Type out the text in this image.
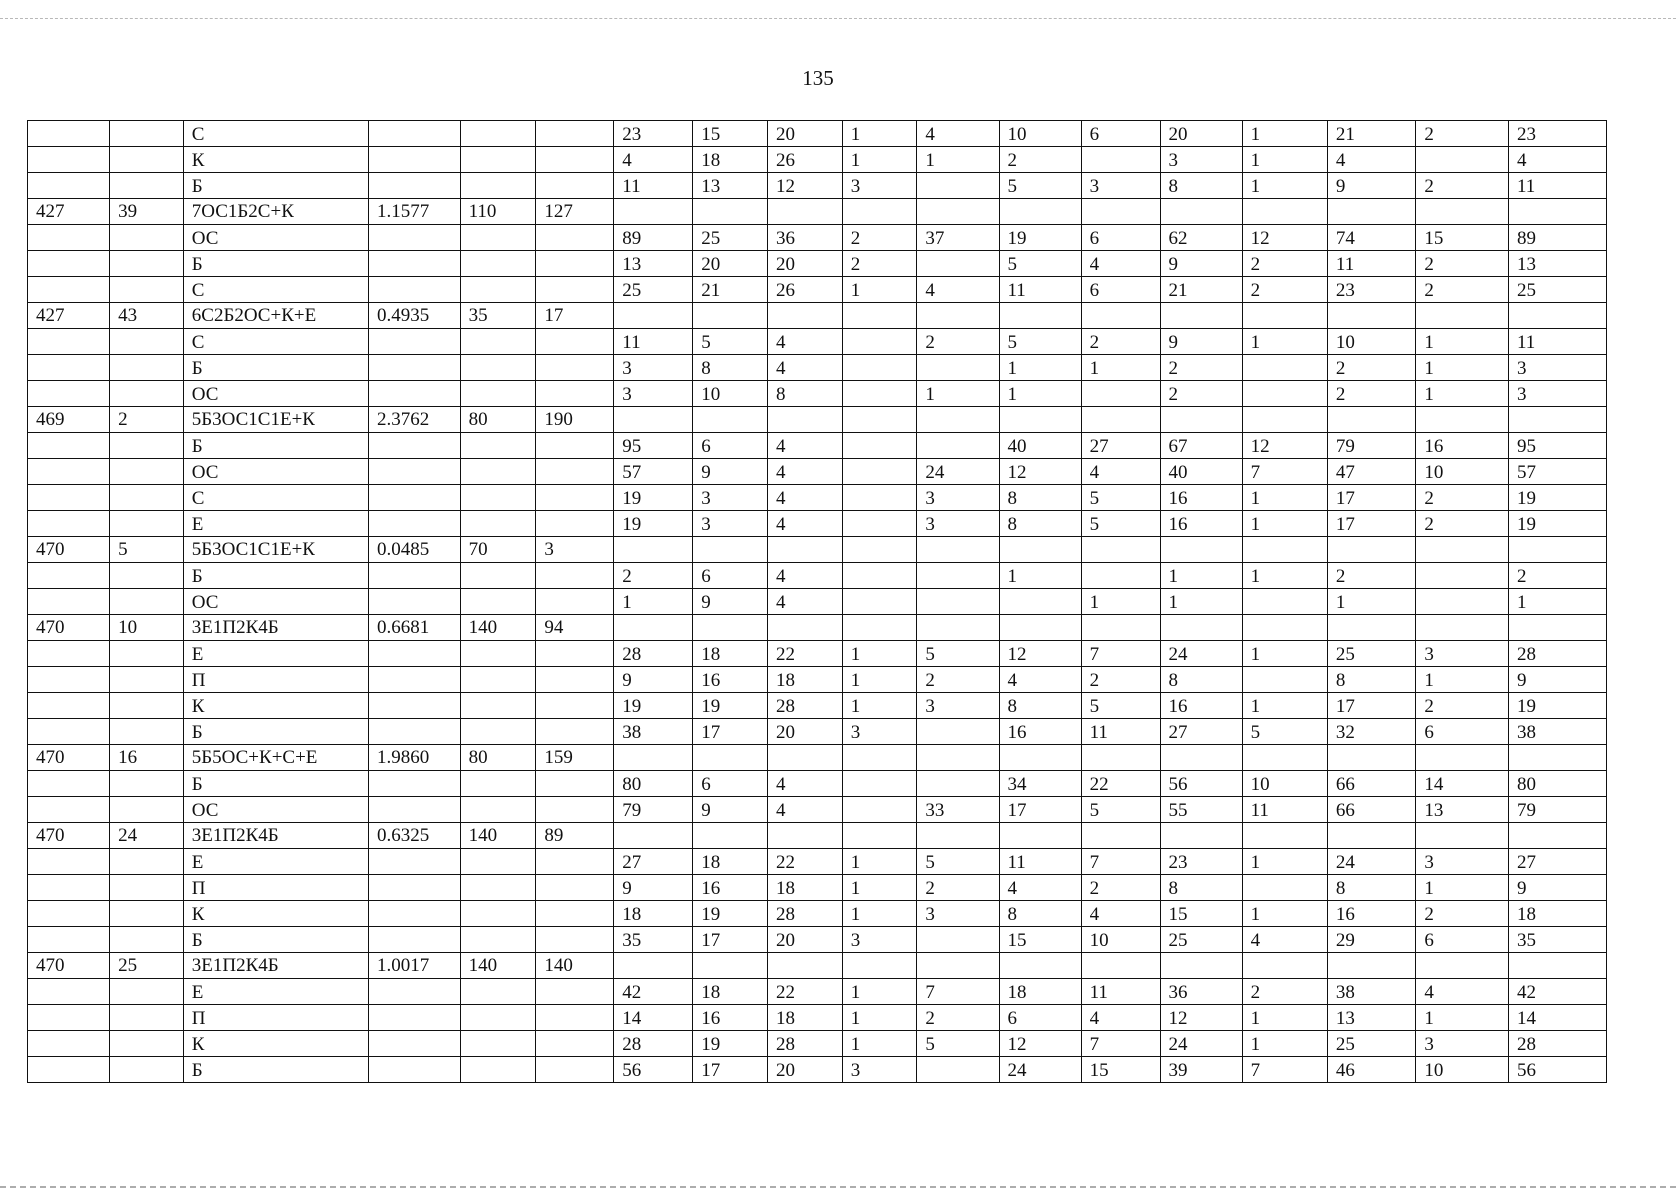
135
		С				23	15	20	1	4	10	6	20	1	21	2	23
		К				4	18	26	1	1	2		3	1	4		4
		Б				11	13	12	3		5	3	8	1	9	2	11
427	39	7ОС1Б2С+К	1.1577	110	127												
		ОС				89	25	36	2	37	19	6	62	12	74	15	89
		Б				13	20	20	2		5	4	9	2	11	2	13
		С				25	21	26	1	4	11	6	21	2	23	2	25
427	43	6С2Б2ОС+К+Е	0.4935	35	17												
		С				11	5	4		2	5	2	9	1	10	1	11
		Б				3	8	4			1	1	2		2	1	3
		ОС				3	10	8		1	1		2		2	1	3
469	2	5Б3ОС1С1Е+К	2.3762	80	190												
		Б				95	6	4			40	27	67	12	79	16	95
		ОС				57	9	4		24	12	4	40	7	47	10	57
		С				19	3	4		3	8	5	16	1	17	2	19
		Е				19	3	4		3	8	5	16	1	17	2	19
470	5	5Б3ОС1С1Е+К	0.0485	70	3												
		Б				2	6	4			1		1	1	2		2
		ОС				1	9	4				1	1		1		1
470	10	3Е1П2К4Б	0.6681	140	94												
		Е				28	18	22	1	5	12	7	24	1	25	3	28
		П				9	16	18	1	2	4	2	8		8	1	9
		К				19	19	28	1	3	8	5	16	1	17	2	19
		Б				38	17	20	3		16	11	27	5	32	6	38
470	16	5Б5ОС+К+С+Е	1.9860	80	159												
		Б				80	6	4			34	22	56	10	66	14	80
		ОС				79	9	4		33	17	5	55	11	66	13	79
470	24	3Е1П2К4Б	0.6325	140	89												
		Е				27	18	22	1	5	11	7	23	1	24	3	27
		П				9	16	18	1	2	4	2	8		8	1	9
		К				18	19	28	1	3	8	4	15	1	16	2	18
		Б				35	17	20	3		15	10	25	4	29	6	35
470	25	3Е1П2К4Б	1.0017	140	140												
		Е				42	18	22	1	7	18	11	36	2	38	4	42
		П				14	16	18	1	2	6	4	12	1	13	1	14
		К				28	19	28	1	5	12	7	24	1	25	3	28
		Б				56	17	20	3		24	15	39	7	46	10	56
